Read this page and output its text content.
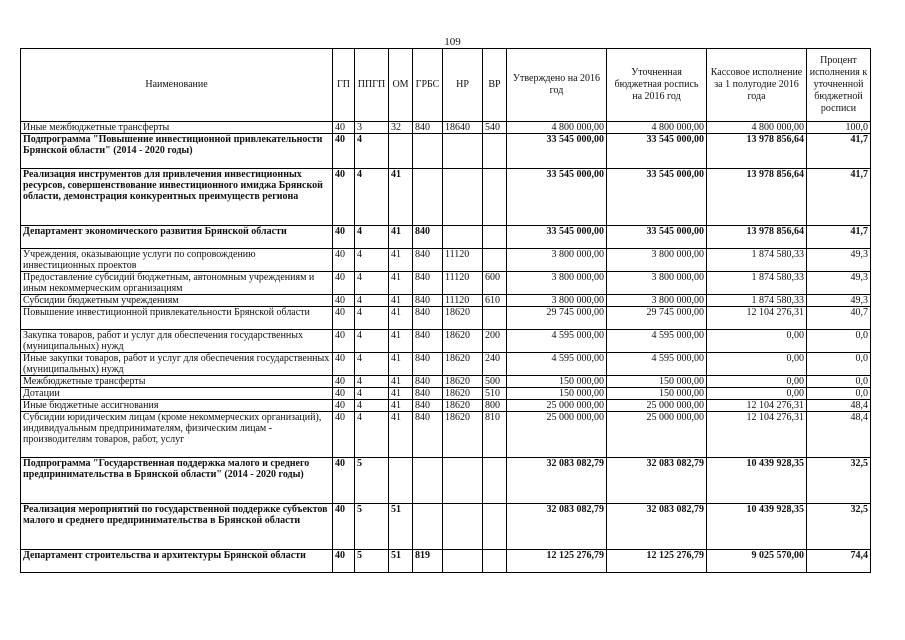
109
Наименование	ГП	ППГП	ОМ	ГРБС	НР	ВР	Утверждено на 2016 год	Уточненная бюджетная роспись на 2016 год	Кассовое исполнение за 1 полугодие 2016 года	Процент исполнения к уточненной бюджетной росписи
Иные межбюджетные трансферты	40	3	32	840	18640	540	4 800 000,00	4 800 000,00	4 800 000,00	100,0
Подпрограмма "Повышение инвестиционной привлекательности Брянской области" (2014 - 2020 годы)	40	4					33 545 000,00	33 545 000,00	13 978 856,64	41,7
Реализация инструментов для привлечения инвестиционных ресурсов, совершенствование инвестиционного имиджа Брянской области, демонстрация конкурентных преимуществ региона	40	4	41				33 545 000,00	33 545 000,00	13 978 856,64	41,7
Департамент экономического развития Брянской области	40	4	41	840			33 545 000,00	33 545 000,00	13 978 856,64	41,7
Учреждения, оказывающие услуги по сопровождению инвестиционных проектов	40	4	41	840	11120		3 800 000,00	3 800 000,00	1 874 580,33	49,3
Предоставление субсидий бюджетным, автономным учреждениям и иным некоммерческим организациям	40	4	41	840	11120	600	3 800 000,00	3 800 000,00	1 874 580,33	49,3
Субсидии бюджетным учреждениям	40	4	41	840	11120	610	3 800 000,00	3 800 000,00	1 874 580,33	49,3
Повышение инвестиционной привлекательности Брянской области	40	4	41	840	18620		29 745 000,00	29 745 000,00	12 104 276,31	40,7
Закупка товаров, работ и услуг для обеспечения государственных (муниципальных) нужд	40	4	41	840	18620	200	4 595 000,00	4 595 000,00	0,00	0,0
Иные закупки товаров, работ и услуг для обеспечения государственных (муниципальных) нужд	40	4	41	840	18620	240	4 595 000,00	4 595 000,00	0,00	0,0
Межбюджетные трансферты	40	4	41	840	18620	500	150 000,00	150 000,00	0,00	0,0
Дотации	40	4	41	840	18620	510	150 000,00	150 000,00	0,00	0,0
Иные бюджетные ассигнования	40	4	41	840	18620	800	25 000 000,00	25 000 000,00	12 104 276,31	48,4
Субсидии юридическим лицам (кроме некоммерческих организаций), индивидуальным предпринимателям, физическим лицам - производителям товаров, работ, услуг	40	4	41	840	18620	810	25 000 000,00	25 000 000,00	12 104 276,31	48,4
Подпрограмма "Государственная поддержка малого и среднего предпринимательства в Брянской области" (2014 - 2020 годы)	40	5					32 083 082,79	32 083 082,79	10 439 928,35	32,5
Реализация мероприятий по государственной поддержке субъектов малого и среднего предпринимательства в Брянской области	40	5	51				32 083 082,79	32 083 082,79	10 439 928,35	32,5
Департамент строительства и архитектуры Брянской области	40	5	51	819			12 125 276,79	12 125 276,79	9 025 570,00	74,4
